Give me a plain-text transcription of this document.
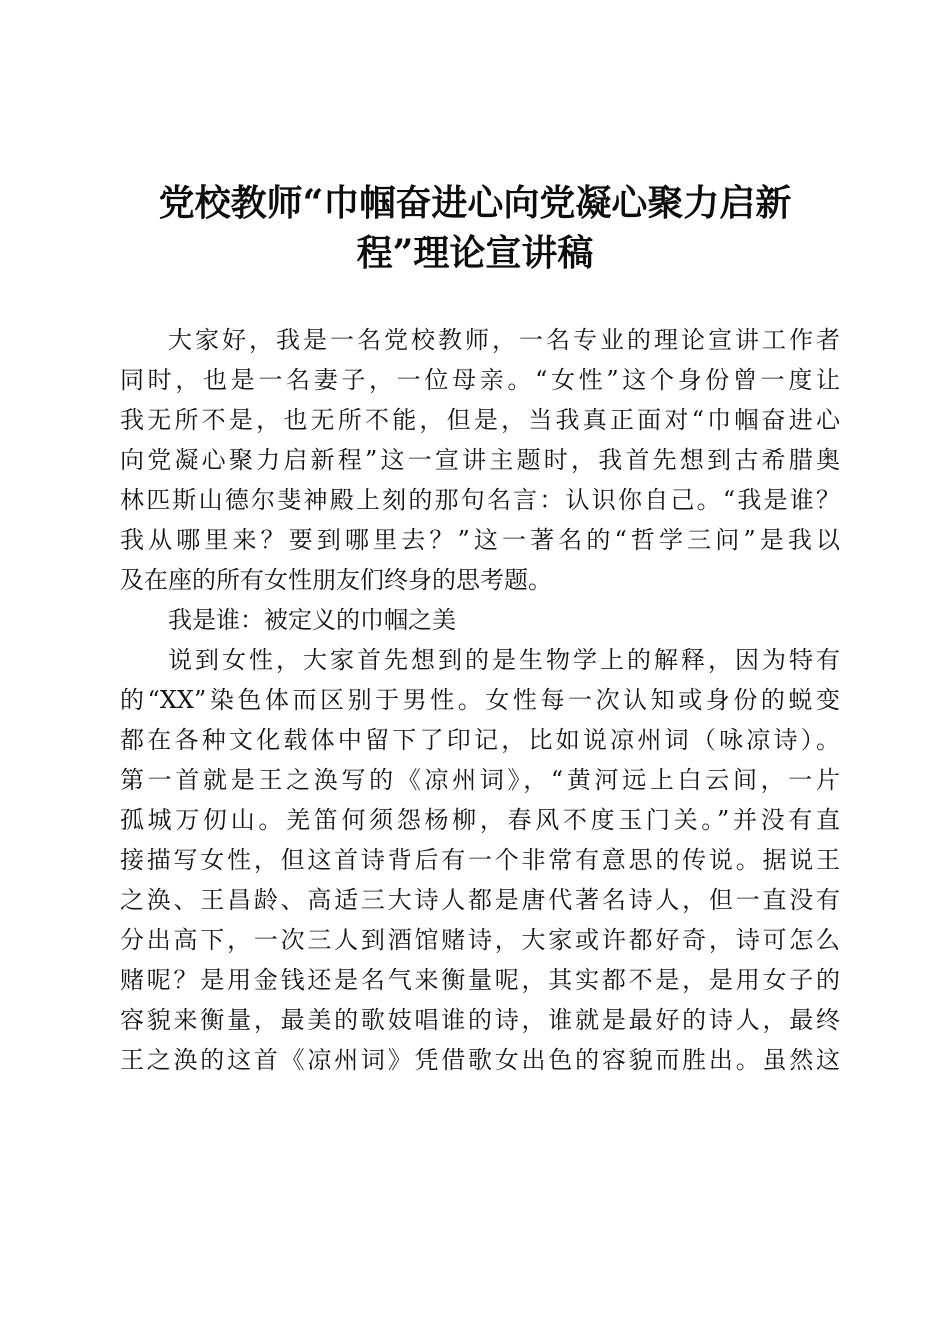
党校教师“巾帼奋进心向党凝心聚力启新
程”理论宣讲稿
大家好，我是一名党校教师，一名专业的理论宣讲工作者
同时，也是一名妻子，一位母亲。“女性”这个身份曾一度让
我无所不是，也无所不能，但是，当我真正面对“巾帼奋进心
向党凝心聚力启新程”这一宣讲主题时，我首先想到古希腊奥
林匹斯山德尔斐神殿上刻的那句名言：认识你自己。“我是谁？
我从哪里来？要到哪里去？”这一著名的“哲学三问”是我以
及在座的所有女性朋友们终身的思考题。
我是谁：被定义的巾帼之美
说到女性，大家首先想到的是生物学上的解释，因为特有
的“XX”染色体而区别于男性。女性每一次认知或身份的蜕变
都在各种文化载体中留下了印记，比如说凉州词（咏凉诗）。
第一首就是王之涣写的《凉州词》，“黄河远上白云间，一片
孤城万仞山。羌笛何须怨杨柳，春风不度玉门关。”并没有直
接描写女性，但这首诗背后有一个非常有意思的传说。据说王
之涣、王昌龄、高适三大诗人都是唐代著名诗人，但一直没有
分出高下，一次三人到酒馆赌诗，大家或许都好奇，诗可怎么
赌呢？是用金钱还是名气来衡量呢，其实都不是，是用女子的
容貌来衡量，最美的歌妓唱谁的诗，谁就是最好的诗人，最终
王之涣的这首《凉州词》凭借歌女出色的容貌而胜出。虽然这
